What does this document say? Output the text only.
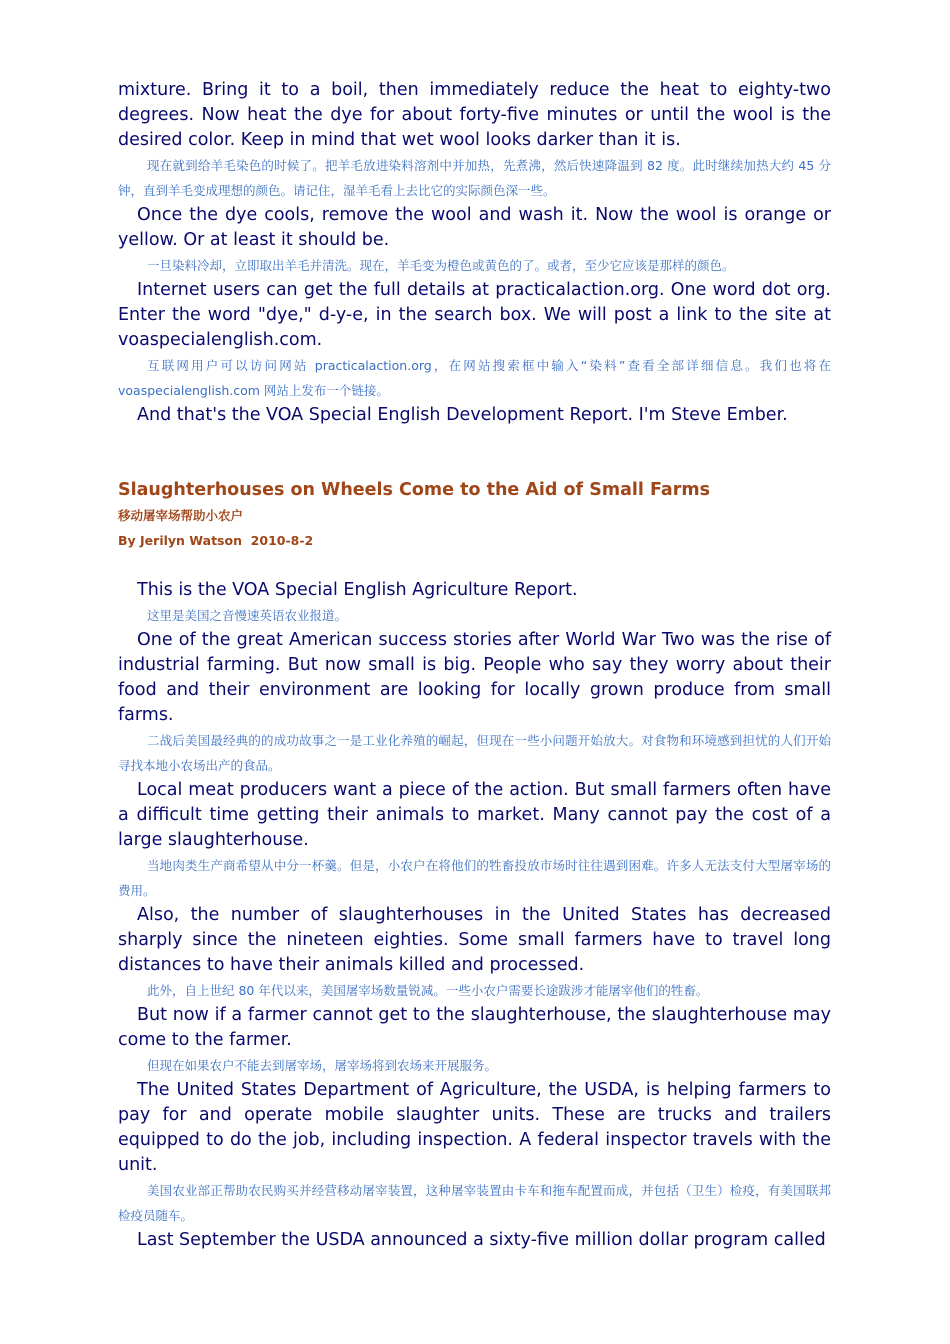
mixture. Bring it to a boil, then immediately reduce the heat to eighty-two degrees. Now heat the dye for about forty-five minutes or until the wool is the desired color. Keep in mind that wet wool looks darker than it is.

现在就到给羊毛染色的时候了。把羊毛放进染料溶剂中并加热，先煮沸，然后快速降温到 82 度。此时继续加热大约 45 分钟，直到羊毛变成理想的颜色。请记住，湿羊毛看上去比它的实际颜色深一些。

Once the dye cools, remove the wool and wash it. Now the wool is orange or yellow. Or at least it should be.

一旦染料冷却，立即取出羊毛并清洗。现在，羊毛变为橙色或黄色的了。或者，至少它应该是那样的颜色。

Internet users can get the full details at practicalaction.org. One word dot org. Enter the word "dye," d-y-e, in the search box. We will post a link to the site at voaspecialenglish.com.

互联网用户可以访问网站 practicalaction.org，在网站搜索框中输入“染料”查看全部详细信息。我们也将在 voaspecialenglish.com 网站上发布一个链接。

And that's the VOA Special English Development Report. I'm Steve Ember.

Slaughterhouses on Wheels Come to the Aid of Small Farms

移动屠宰场帮助小农户

By Jerilyn Watson  2010-8-2

This is the VOA Special English Agriculture Report.

这里是美国之音慢速英语农业报道。

One of the great American success stories after World War Two was the rise of industrial farming. But now small is big. People who say they worry about their food and their environment are looking for locally grown produce from small farms.

二战后美国最经典的的成功故事之一是工业化养殖的崛起，但现在一些小问题开始放大。对食物和环境感到担忧的人们开始寻找本地小农场出产的食品。

Local meat producers want a piece of the action. But small farmers often have a difficult time getting their animals to market. Many cannot pay the cost of a large slaughterhouse.

当地肉类生产商希望从中分一杯羹。但是，小农户在将他们的牲畜投放市场时往往遇到困难。许多人无法支付大型屠宰场的费用。

Also, the number of slaughterhouses in the United States has decreased sharply since the nineteen eighties. Some small farmers have to travel long distances to have their animals killed and processed.

此外，自上世纪 80 年代以来，美国屠宰场数量锐减。一些小农户需要长途跋涉才能屠宰他们的牲畜。

But now if a farmer cannot get to the slaughterhouse, the slaughterhouse may come to the farmer.

但现在如果农户不能去到屠宰场，屠宰场将到农场来开展服务。

The United States Department of Agriculture, the USDA, is helping farmers to pay for and operate mobile slaughter units. These are trucks and trailers equipped to do the job, including inspection. A federal inspector travels with the unit.

美国农业部正帮助农民购买并经营移动屠宰装置，这种屠宰装置由卡车和拖车配置而成，并包括（卫生）检疫，有美国联邦检疫员随车。

Last September the USDA announced a sixty-five million dollar program called
